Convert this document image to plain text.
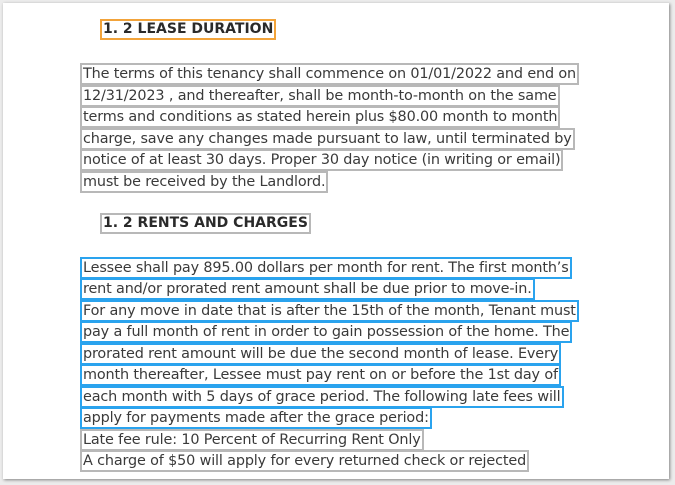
1. 2 LEASE DURATION
The terms of this tenancy shall commence on 01/01/2022 and end on
12/31/2023 , and thereafter, shall be month-to-month on the same
terms and conditions as stated herein plus $80.00 month to month
charge, save any changes made pursuant to law, until terminated by
notice of at least 30 days. Proper 30 day notice (in writing or email)
must be received by the Landlord.
1. 2 RENTS AND CHARGES
Lessee shall pay 895.00 dollars per month for rent. The first month’s
rent and/or prorated rent amount shall be due prior to move-in.
For any move in date that is after the 15th of the month, Tenant must
pay a full month of rent in order to gain possession of the home. The
prorated rent amount will be due the second month of lease. Every
month thereafter, Lessee must pay rent on or before the 1st day of
each month with 5 days of grace period. The following late fees will
apply for payments made after the grace period:
Late fee rule: 10 Percent of Recurring Rent Only
A charge of $50 will apply for every returned check or rejected
